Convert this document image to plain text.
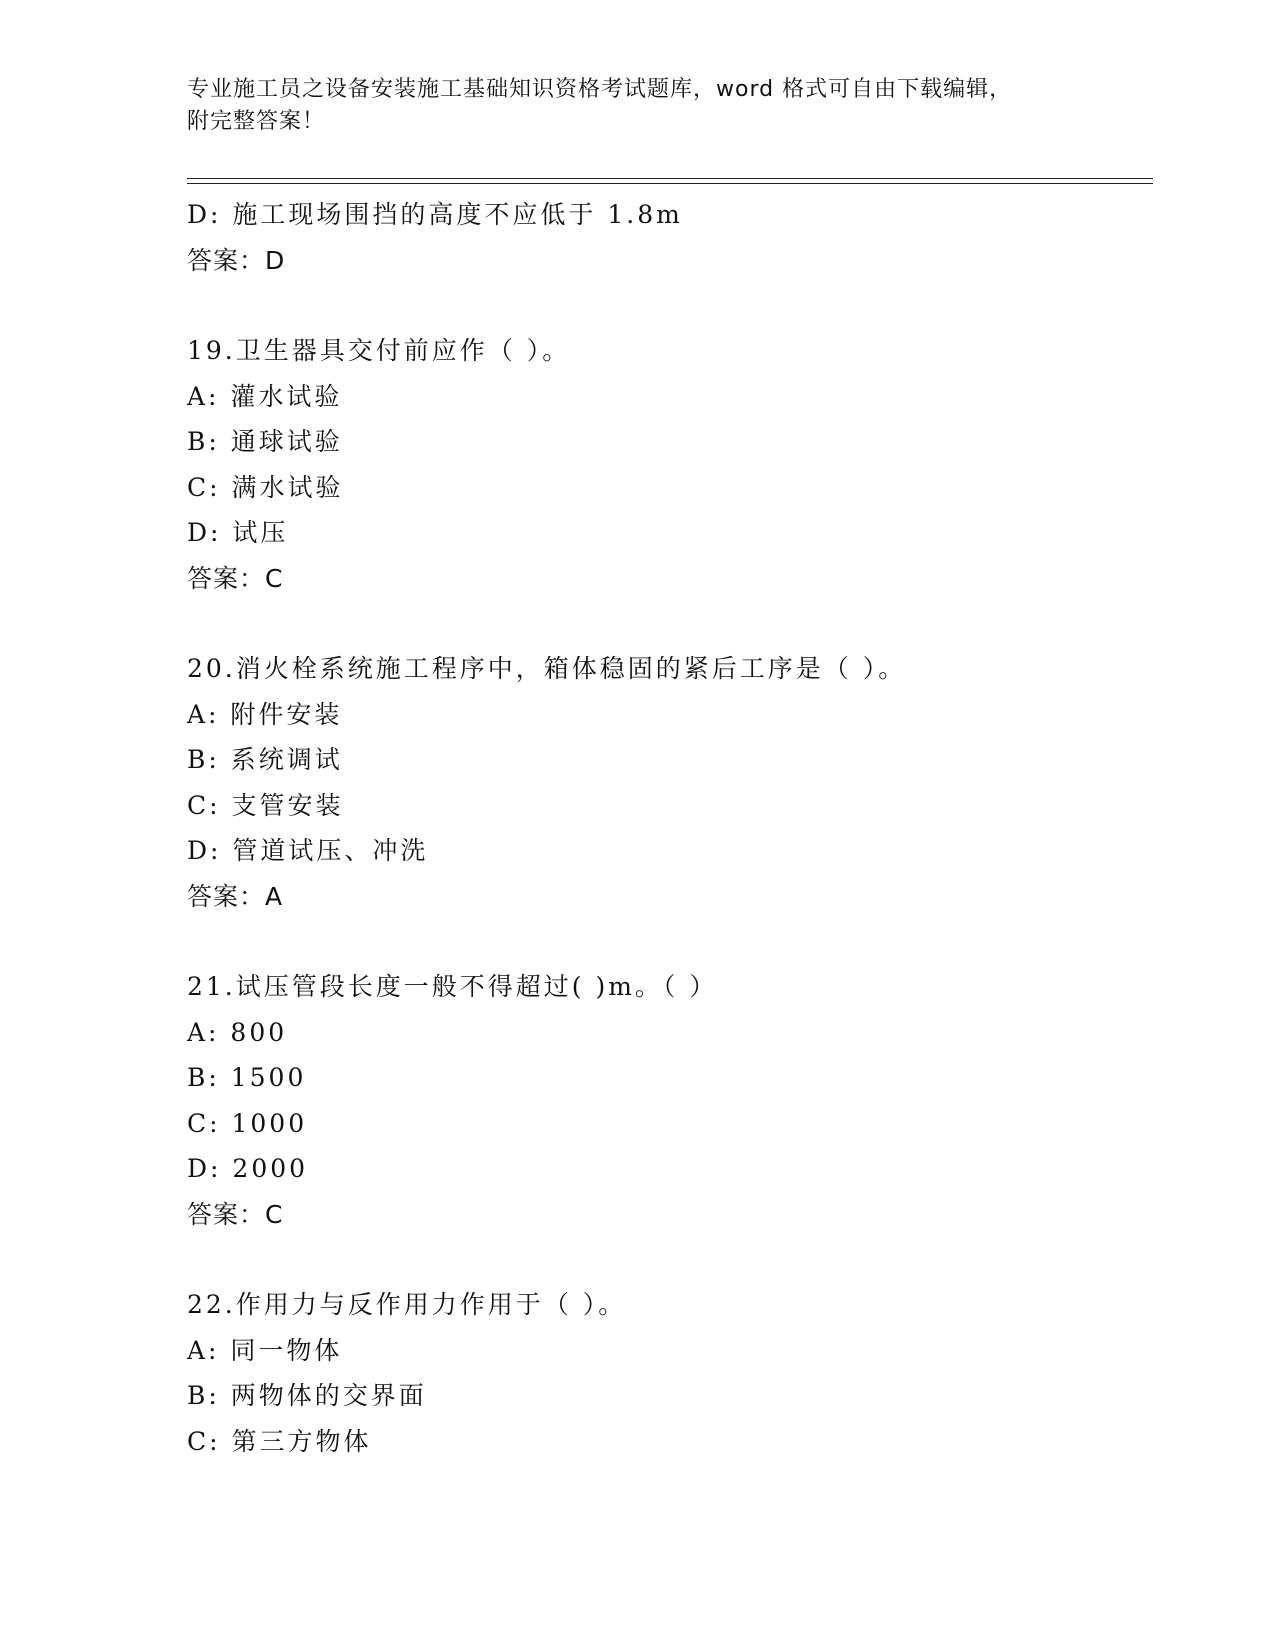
专业施工员之设备安装施工基础知识资格考试题库，word 格式可自由下载编辑，
附完整答案！
D: 施工现场围挡的高度不应低于 1.8m
答案：D
19.卫生器具交付前应作（ ）。
A: 灌水试验
B: 通球试验
C: 满水试验
D: 试压
答案：C
20.消火栓系统施工程序中，箱体稳固的紧后工序是（ ）。
A: 附件安装
B: 系统调试
C: 支管安装
D: 管道试压、冲洗
答案：A
21.试压管段长度一般不得超过( )m。（ ）
A: 800
B: 1500
C: 1000
D: 2000
答案：C
22.作用力与反作用力作用于（ ）。
A: 同一物体
B: 两物体的交界面
C: 第三方物体
